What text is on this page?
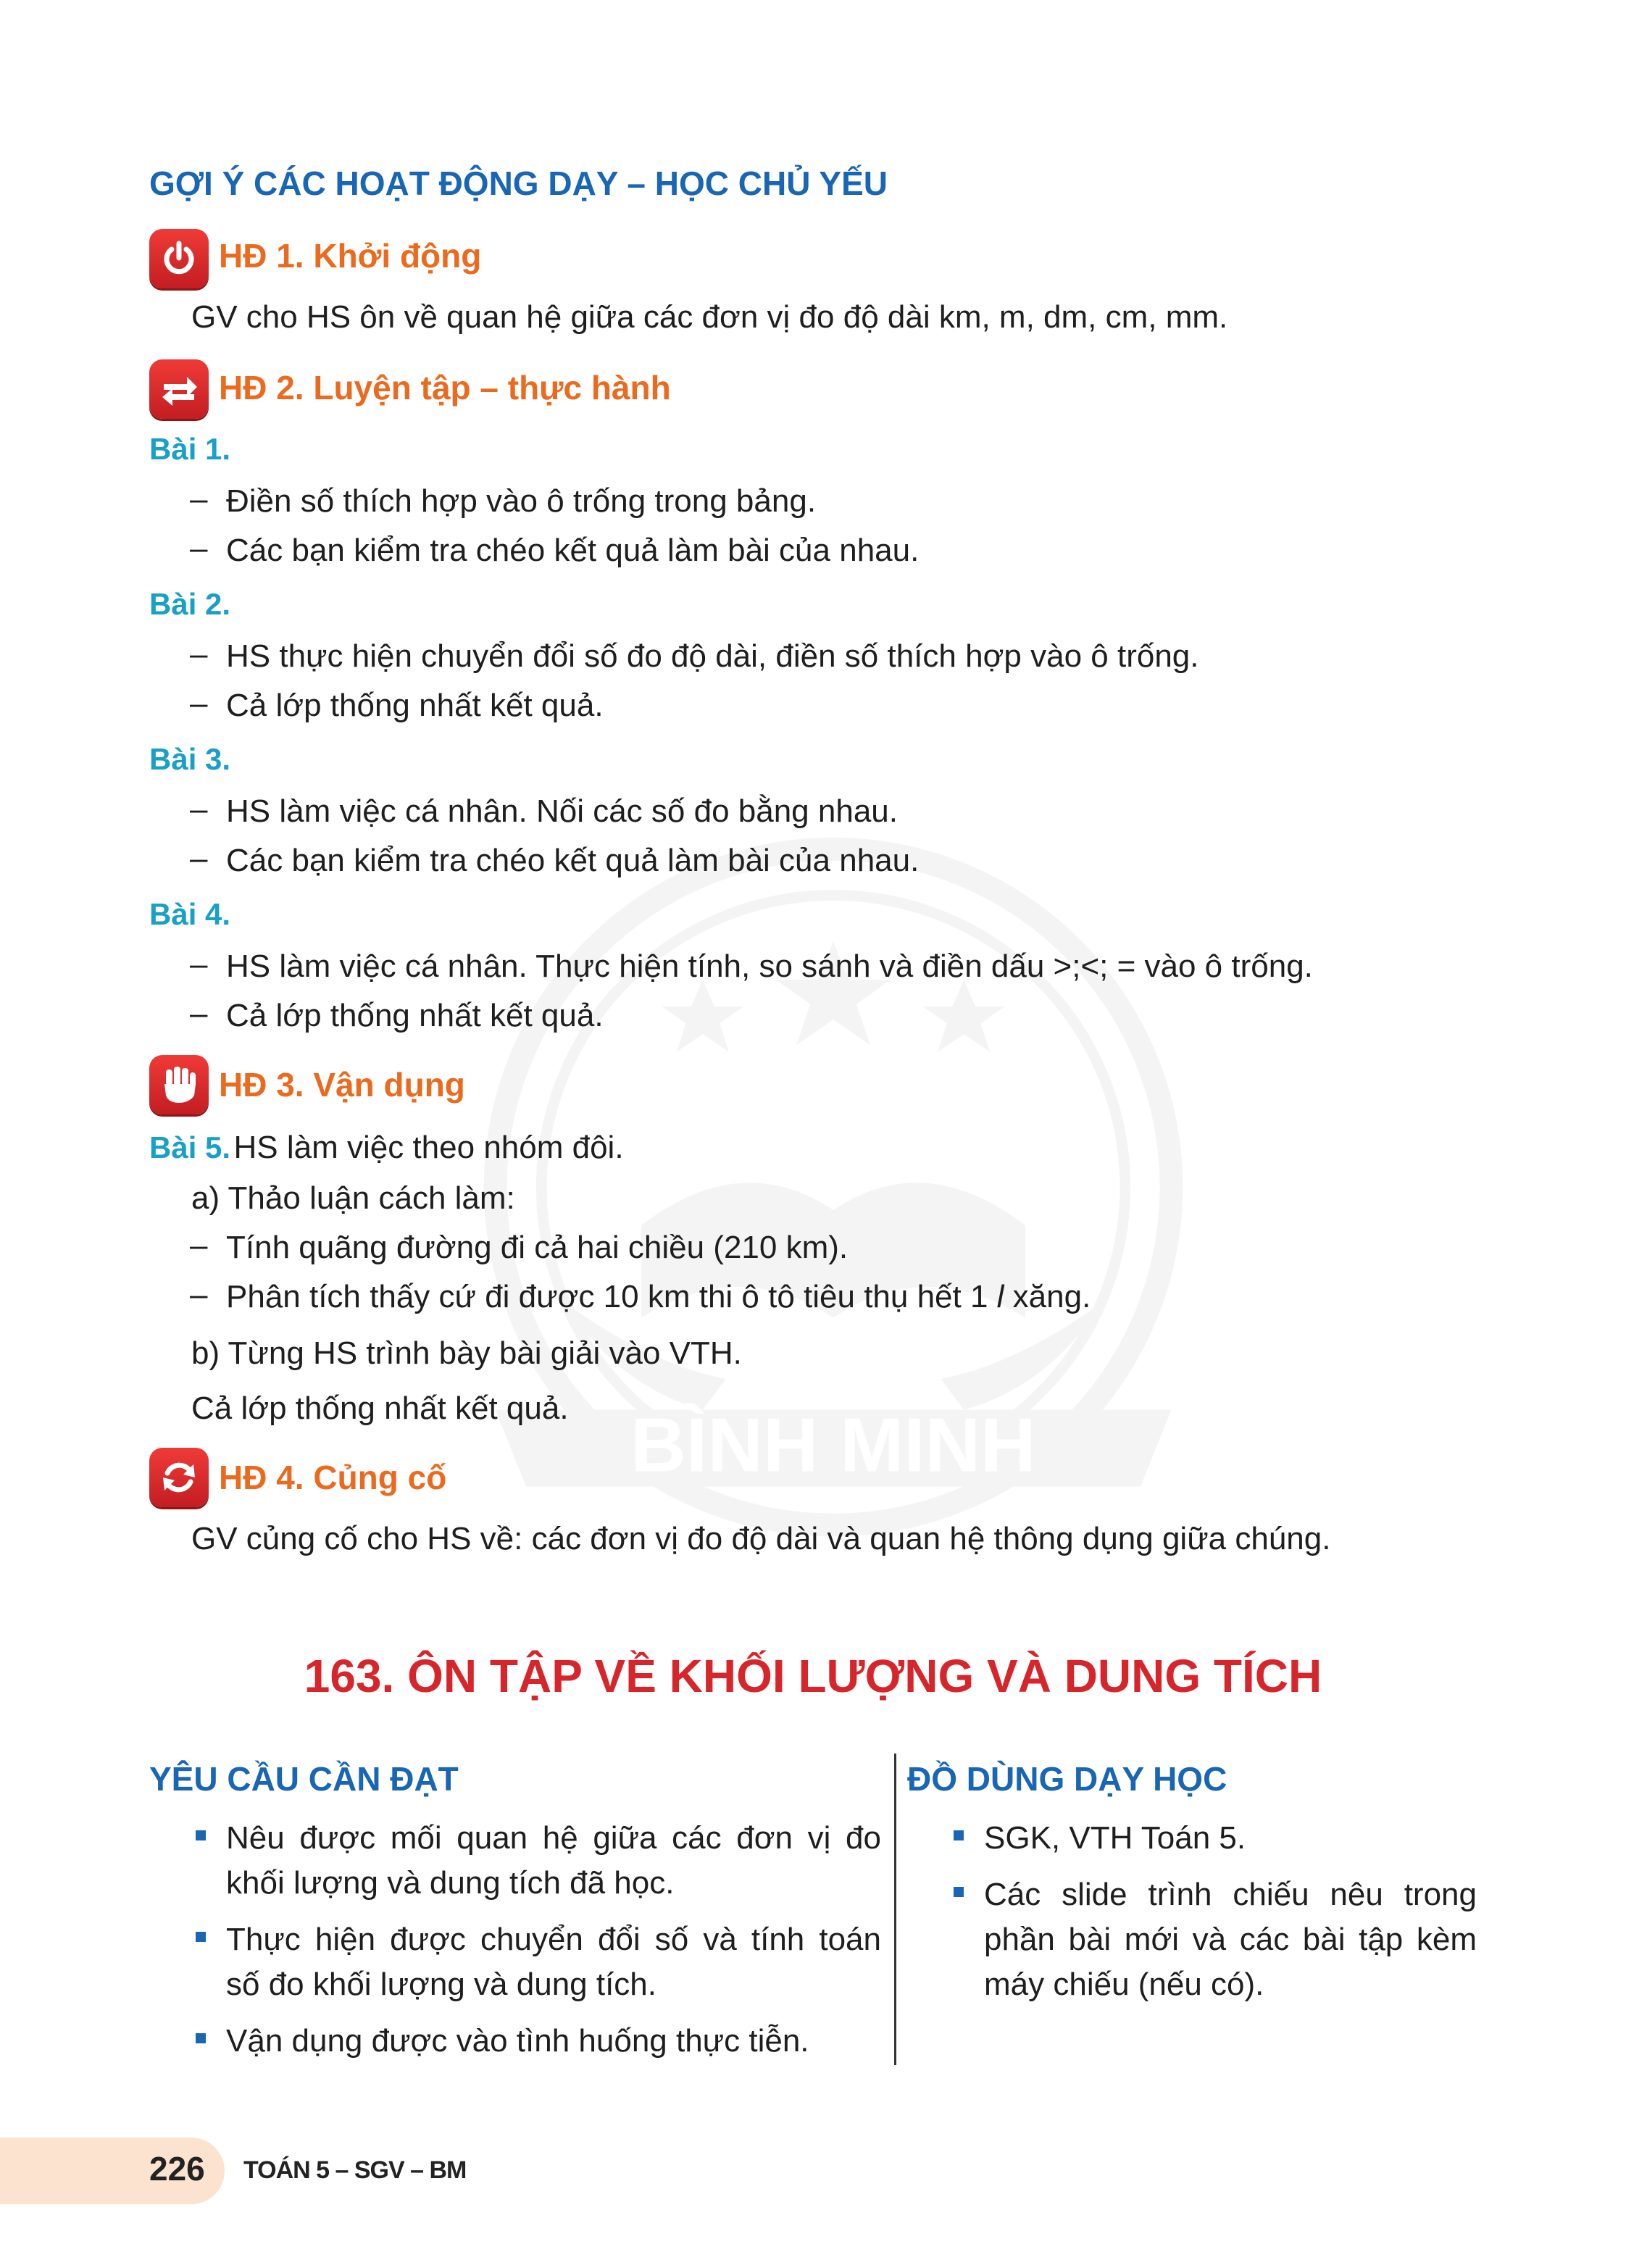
BÌNH MINH
GỢI Ý CÁC HOẠT ĐỘNG DẠY – HỌC CHỦ YẾU
HĐ 1. Khởi động
GV cho HS ôn về quan hệ giữa các đơn vị đo độ dài km, m, dm, cm, mm.
HĐ 2. Luyện tập – thực hành
Bài 1.
– Điền số thích hợp vào ô trống trong bảng.
– Các bạn kiểm tra chéo kết quả làm bài của nhau.
Bài 2.
– HS thực hiện chuyển đổi số đo độ dài, điền số thích hợp vào ô trống.
– Cả lớp thống nhất kết quả.
Bài 3.
– HS làm việc cá nhân. Nối các số đo bằng nhau.
– Các bạn kiểm tra chéo kết quả làm bài của nhau.
Bài 4.
– HS làm việc cá nhân. Thực hiện tính, so sánh và điền dấu >;<; = vào ô trống.
– Cả lớp thống nhất kết quả.
HĐ 3. Vận dụng
Bài 5. HS làm việc theo nhóm đôi.
a) Thảo luận cách làm:
– Tính quãng đường đi cả hai chiều (210 km).
– Phân tích thấy cứ đi được 10 km thi ô tô tiêu thụ hết 1 l xăng.
b) Từng HS trình bày bài giải vào VTH.
Cả lớp thống nhất kết quả.
HĐ 4. Củng cố
GV củng cố cho HS về: các đơn vị đo độ dài và quan hệ thông dụng giữa chúng.
163. ÔN TẬP VỀ KHỐI LƯỢNG VÀ DUNG TÍCH
YÊU CẦU CẦN ĐẠT
Nêu được mối quan hệ giữa các đơn vị đo
khối lượng và dung tích đã học.
Thực hiện được chuyển đổi số và tính toán
số đo khối lượng và dung tích.
Vận dụng được vào tình huống thực tiễn.
ĐỒ DÙNG DẠY HỌC
SGK, VTH Toán 5.
Các slide trình chiếu nêu trong
phần bài mới và các bài tập kèm
máy chiếu (nếu có).
226 TOÁN 5 – SGV – BM
